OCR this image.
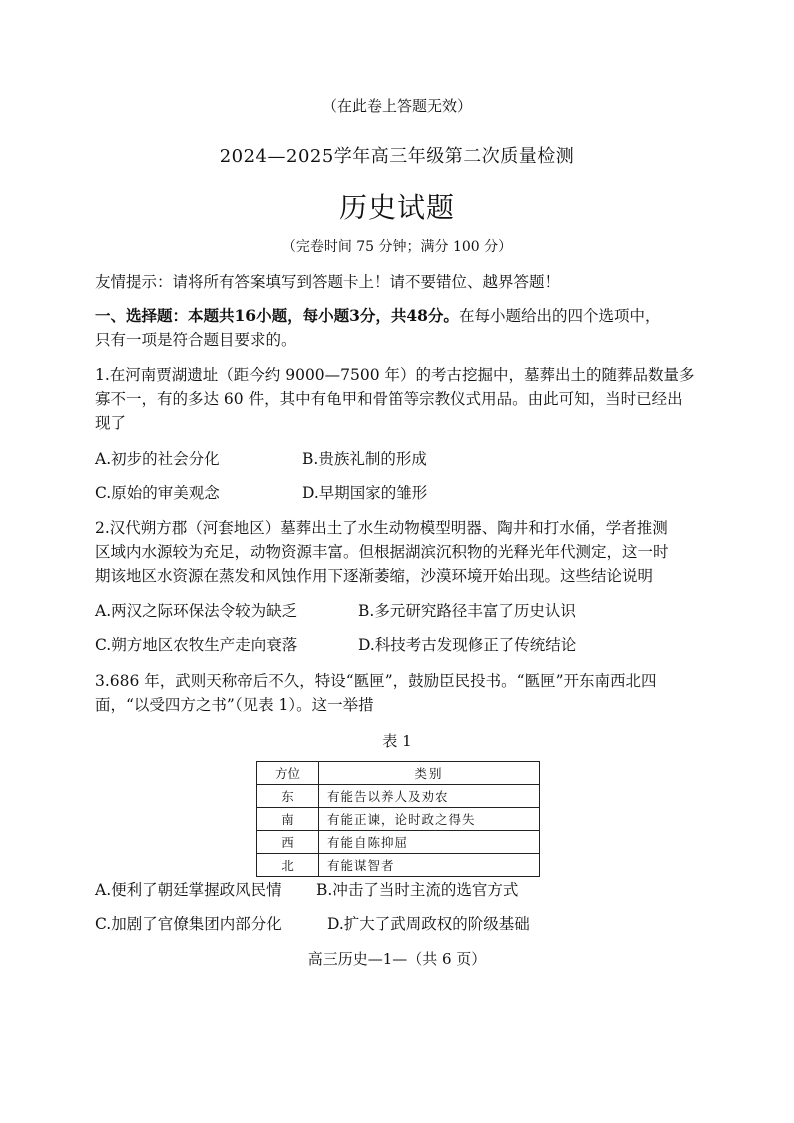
（在此卷上答题无效）
2024—2025学年高三年级第二次质量检测
历史试题
（完卷时间 75 分钟；满分 100 分）
友情提示：请将所有答案填写到答题卡上！请不要错位、越界答题！
一、选择题：本题共16小题，每小题3分，共48分。在每小题给出的四个选项中，
只有一项是符合题目要求的。
1.在河南贾湖遗址（距今约 9000—7500 年）的考古挖掘中，墓葬出土的随葬品数量多
寡不一，有的多达 60 件，其中有龟甲和骨笛等宗教仪式用品。由此可知，当时已经出
现了
A.初步的社会分化	B.贵族礼制的形成
C.原始的审美观念	D.早期国家的雏形
2.汉代朔方郡（河套地区）墓葬出土了水生动物模型明器、陶井和打水俑，学者推测
区域内水源较为充足，动物资源丰富。但根据湖滨沉积物的光释光年代测定，这一时
期该地区水资源在蒸发和风蚀作用下逐渐萎缩，沙漠环境开始出现。这些结论说明
A.两汉之际环保法令较为缺乏	B.多元研究路径丰富了历史认识
C.朔方地区农牧生产走向衰落	D.科技考古发现修正了传统结论
3.686 年，武则天称帝后不久，特设“匦匣”，鼓励臣民投书。“匦匣”开东南西北四
面，“以受四方之书”（见表 1）。这一举措
表 1
方位	类别
东	有能告以养人及劝农
南	有能正谏，论时政之得失
西	有能自陈抑屈
北	有能谋智者
A.便利了朝廷掌握政风民情 B.冲击了当时主流的选官方式
C.加剧了官僚集团内部分化	D.扩大了武周政权的阶级基础
高三历史—1—（共 6 页）
